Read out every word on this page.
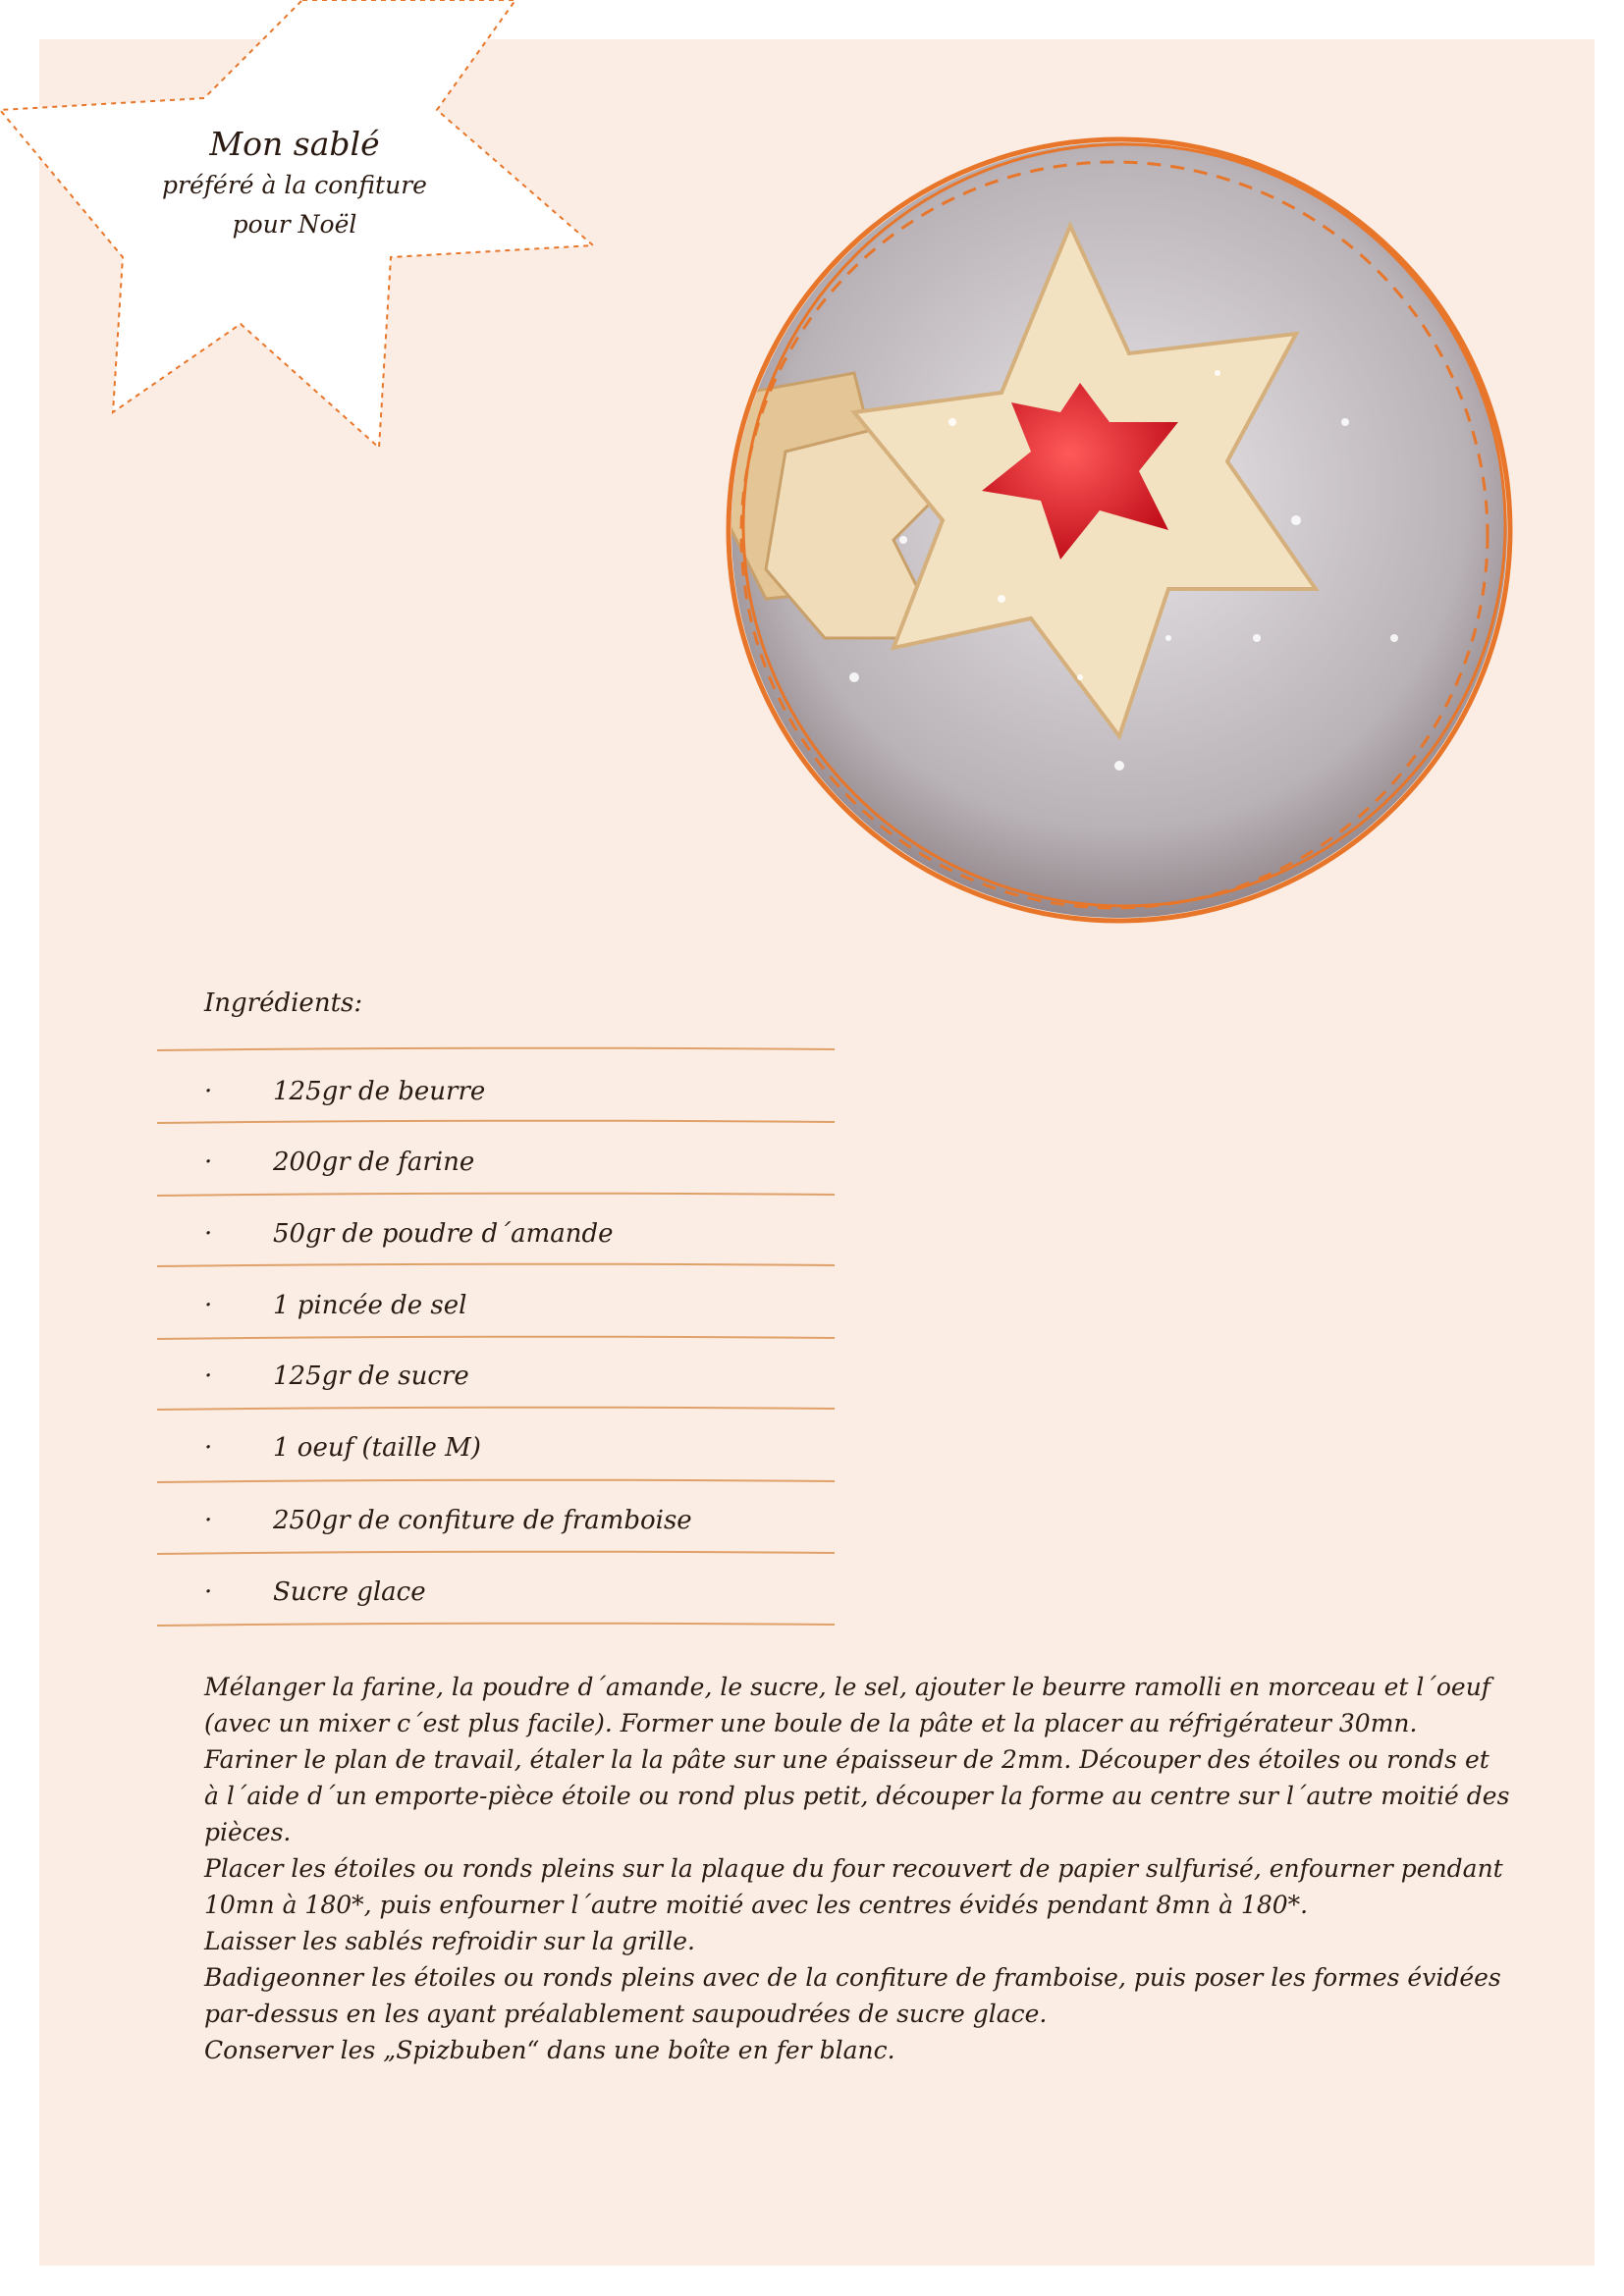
Mon sablé
préféré à la confiture
pour Noël
Ingrédients:
· 125gr de beurre
· 200gr de farine
· 50gr de poudre d´amande
· 1 pincée de sel
· 125gr de sucre
· 1 oeuf (taille M)
· 250gr de confiture de framboise
· Sucre glace

Mélanger la farine, la poudre d´amande, le sucre, le sel, ajouter le beurre ramolli en morceau et l´oeuf (avec un mixer c´est plus facile). Former une boule de la pâte et la placer au réfrigérateur 30mn. Fariner le plan de travail, étaler la la pâte sur une épaisseur de 2mm. Découper des étoiles ou ronds et à l´aide d´un emporte-pièce étoile ou rond plus petit, découper la forme au centre sur l´autre moitié des pièces.

Placer les étoiles ou ronds pleins sur la plaque du four recouvert de papier sulfurisé, enfourner pendant 10mn à 180*, puis enfourner l´autre moitié avec les centres évidés pendant 8mn à 180*.

Laisser les sablés refroidir sur la grille.

Badigeonner les étoiles ou ronds pleins avec de la confiture de framboise, puis poser les formes évidées par-dessus en les ayant préalablement saupoudrées de sucre glace.

Conserver les „Spizbuben“ dans une boîte en fer blanc.
